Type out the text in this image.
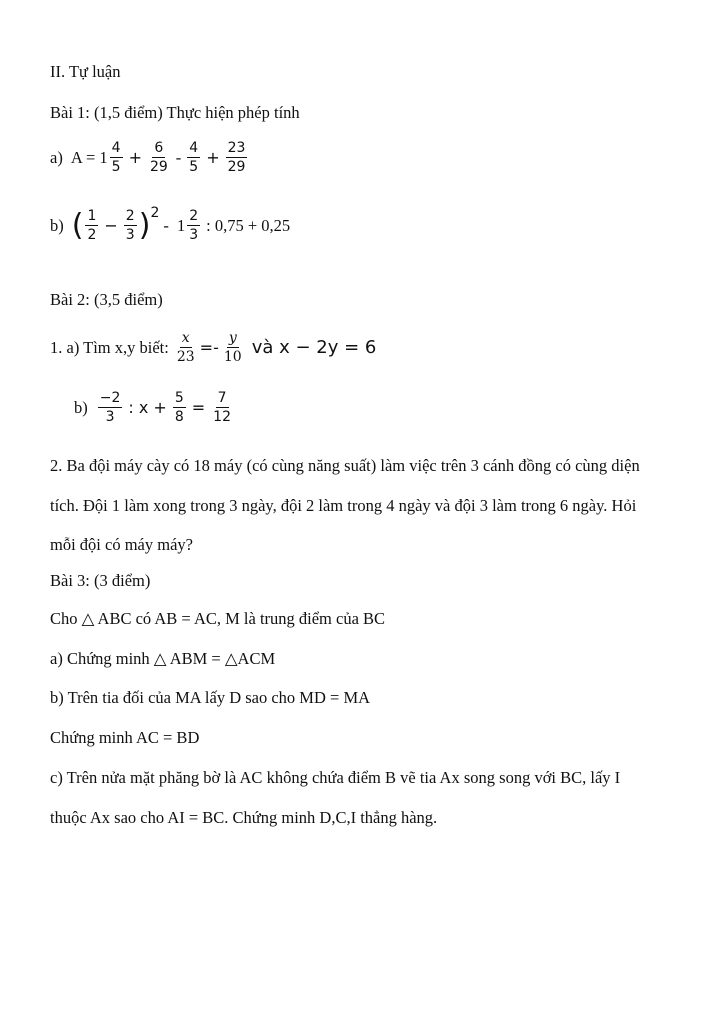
II. Tự luận
Bài 1: (1,5 điểm) Thực hiện phép tính
a) $A = 1 \frac{4}{5} + \frac{6}{29} - \frac{4}{5} + \frac{23}{29}$
b) ( $\frac{1}{2} - \frac{2}{3}$ ) 2
- $1 \frac{2}{3}$ : 0,75 + 0,25
Bài 2: (3,5 điểm)
1. a) Tìm x,y biết: $\frac{x}{23} =- \frac{y}{10}$ và x − 2y = 6
$b) \frac{-2}{3}$ : $x + \frac{5}{8} = \frac{7}{12}$
2. Ba đội máy cày có 18 máy (có cùng năng suất) làm việc trên 3 cánh đồng có cùng diện
tích. Đội 1 làm xong trong 3 ngày, đội 2 làm trong 4 ngày và đội 3 làm trong 6 ngày. Hỏi
mỗi đội có máy máy?
Bài 3: (3 điểm)
Cho △ ABC có AB = AC, M là trung điểm của BC
a) Chứng minh △ ABM = △ACM
b) Trên tia đối của MA lấy D sao cho MD = MA
Chứng minh AC = BD
c) Trên nửa mặt phăng bờ là AC không chứa điểm B vẽ tia Ax song song với BC, lấy I
thuộc Ax sao cho AI = BC. Chứng minh D,C,I thẳng hàng.
